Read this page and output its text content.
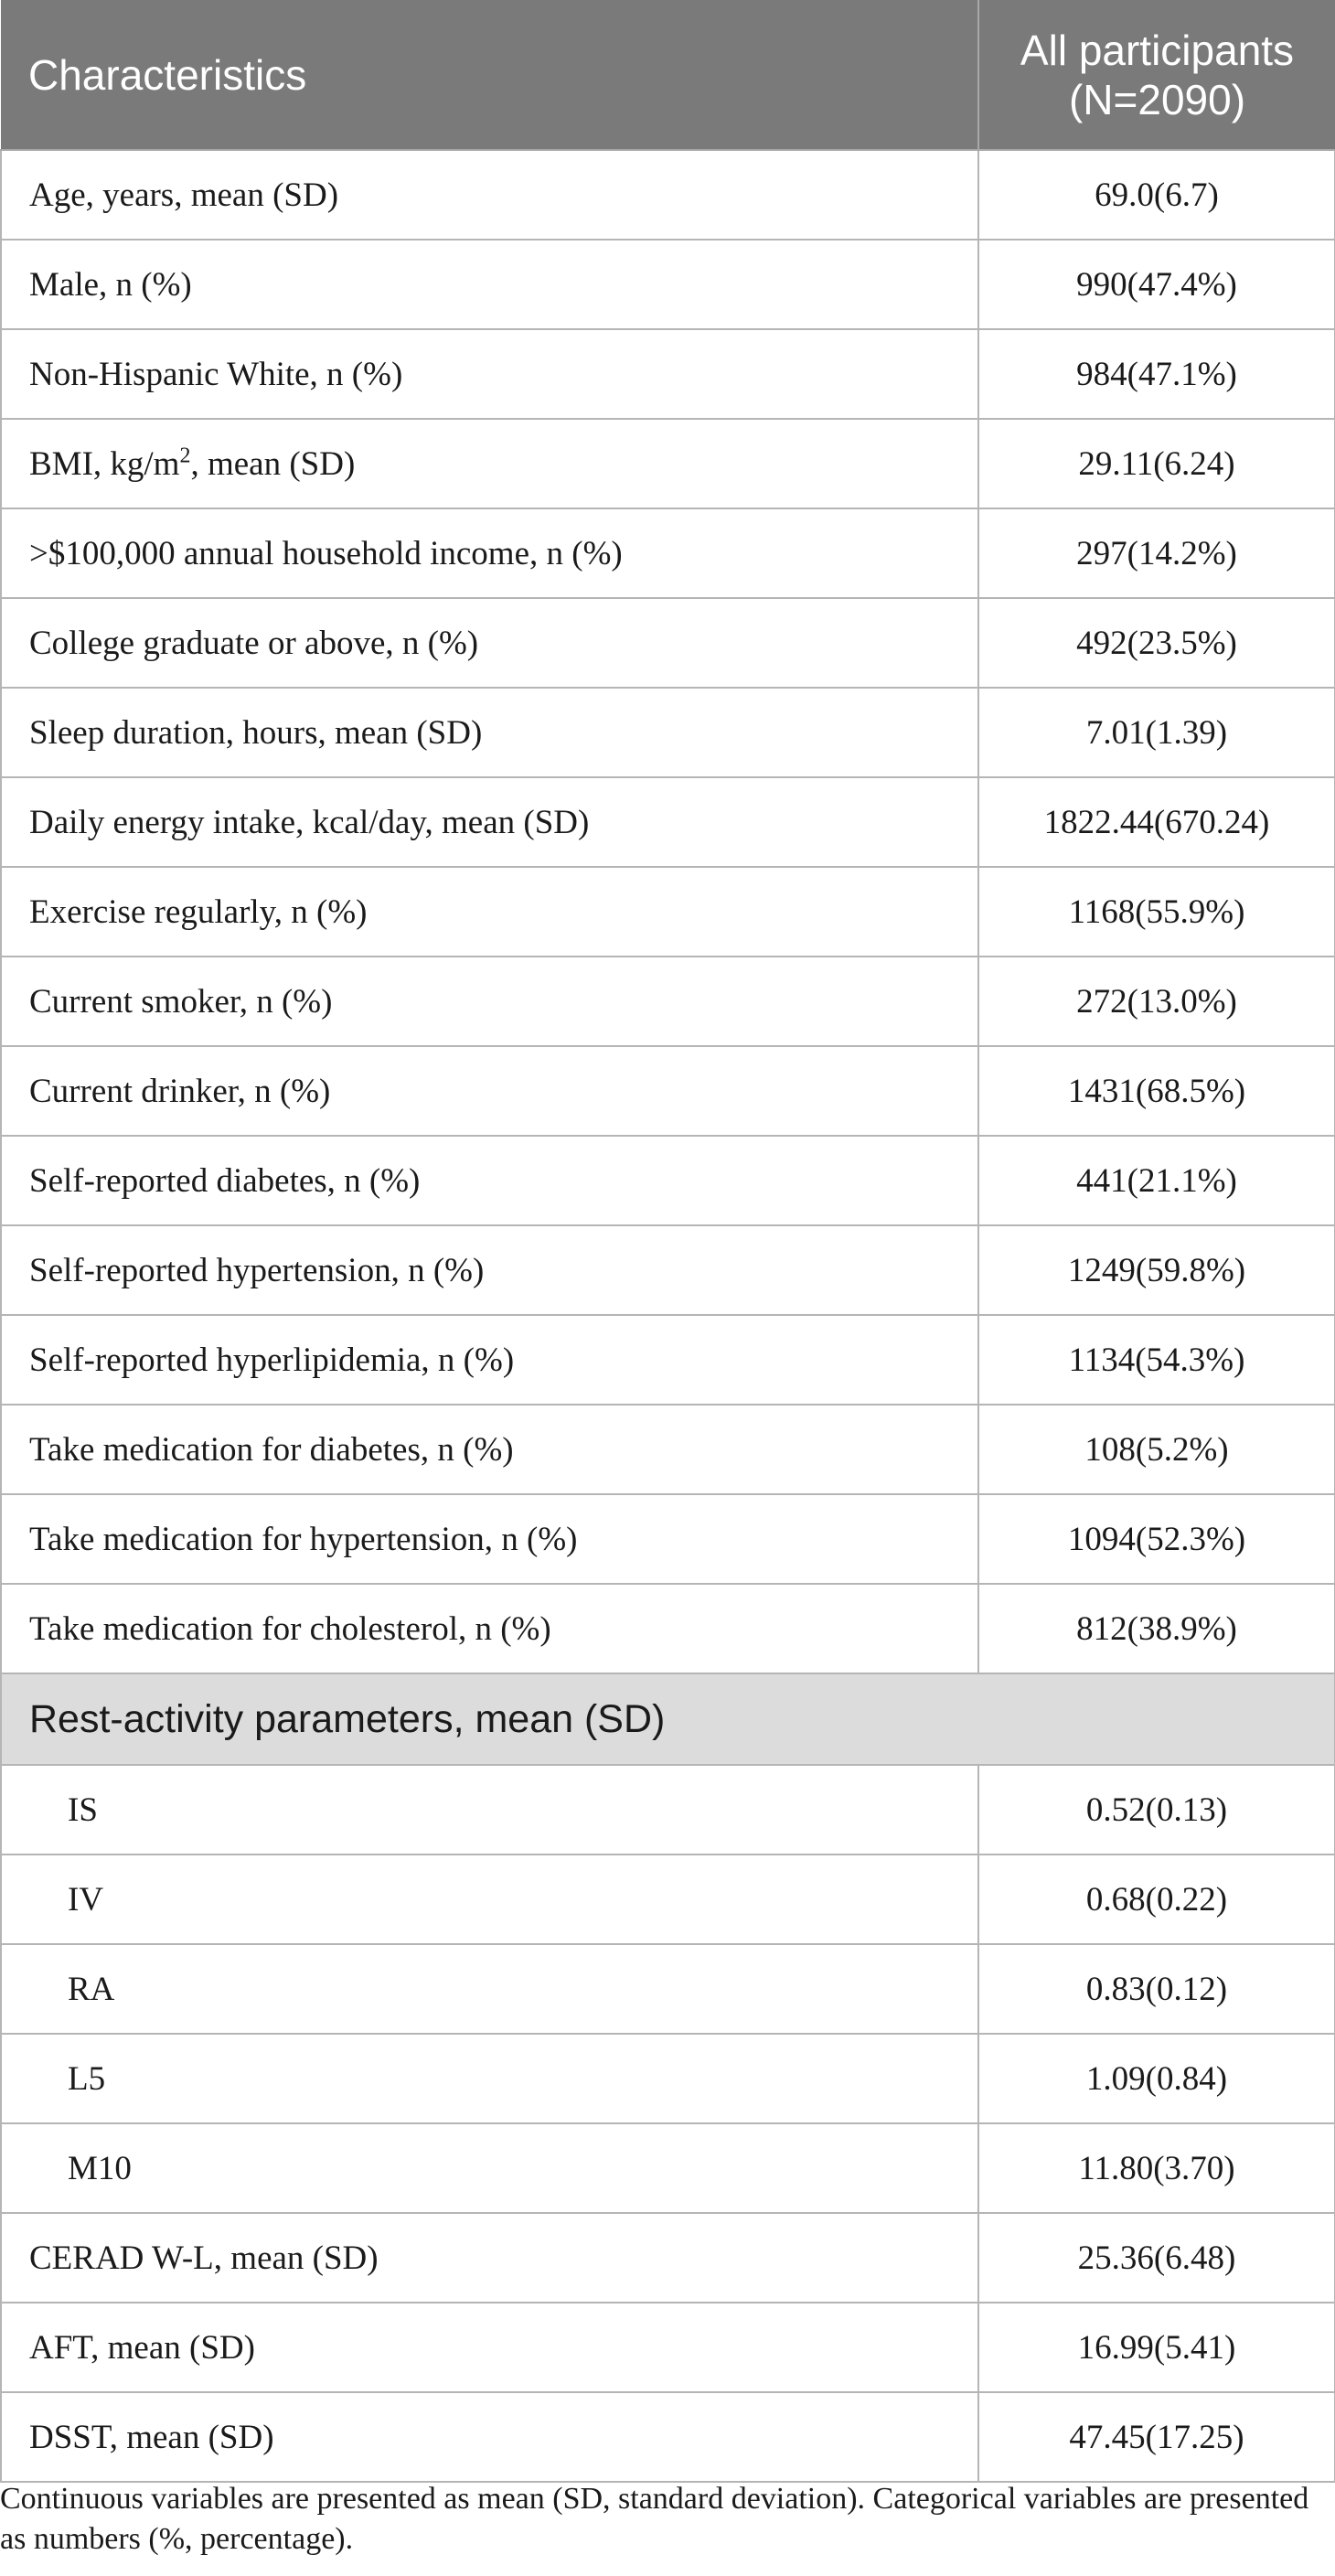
Characteristics	All participants
(N=2090)

Age, years, mean (SD)	69.0(6.7)
Male, n (%)	990(47.4%)
Non-Hispanic White, n (%)	984(47.1%)
BMI, $kg/m^2$, mean (SD)	29.11(6.24)
>$100,000 annual household income, n (%)	297(14.2%)
College graduate or above, n (%)	492(23.5%)
Sleep duration, hours, mean (SD)	7.01(1.39)
Daily energy intake, kcal/day, mean (SD)	1822.44(670.24)
Exercise regularly, n (%)	1168(55.9%)
Current smoker, n (%)	272(13.0%)
Current drinker, n (%)	1431(68.5%)
Self-reported diabetes, n (%)	441(21.1%)
Self-reported hypertension, n (%)	1249(59.8%)
Self-reported hyperlipidemia, n (%)	1134(54.3%)
Take medication for diabetes, n (%)	108(5.2%)
Take medication for hypertension, n (%)	1094(52.3%)
Take medication for cholesterol, n (%)	812(38.9%)
Rest-activity parameters, mean (SD)	
IS	0.52(0.13)
IV	0.68(0.22)
RA	0.83(0.12)
L5	1.09(0.84)
M10	11.80(3.70)
CERAD W-L, mean (SD)	25.36(6.48)
AFT, mean (SD)	16.99(5.41)
DSST, mean (SD)	47.45(17.25)
Continuous variables are presented as mean (SD, standard deviation). Categorical variables are presented as numbers (%, percentage).
